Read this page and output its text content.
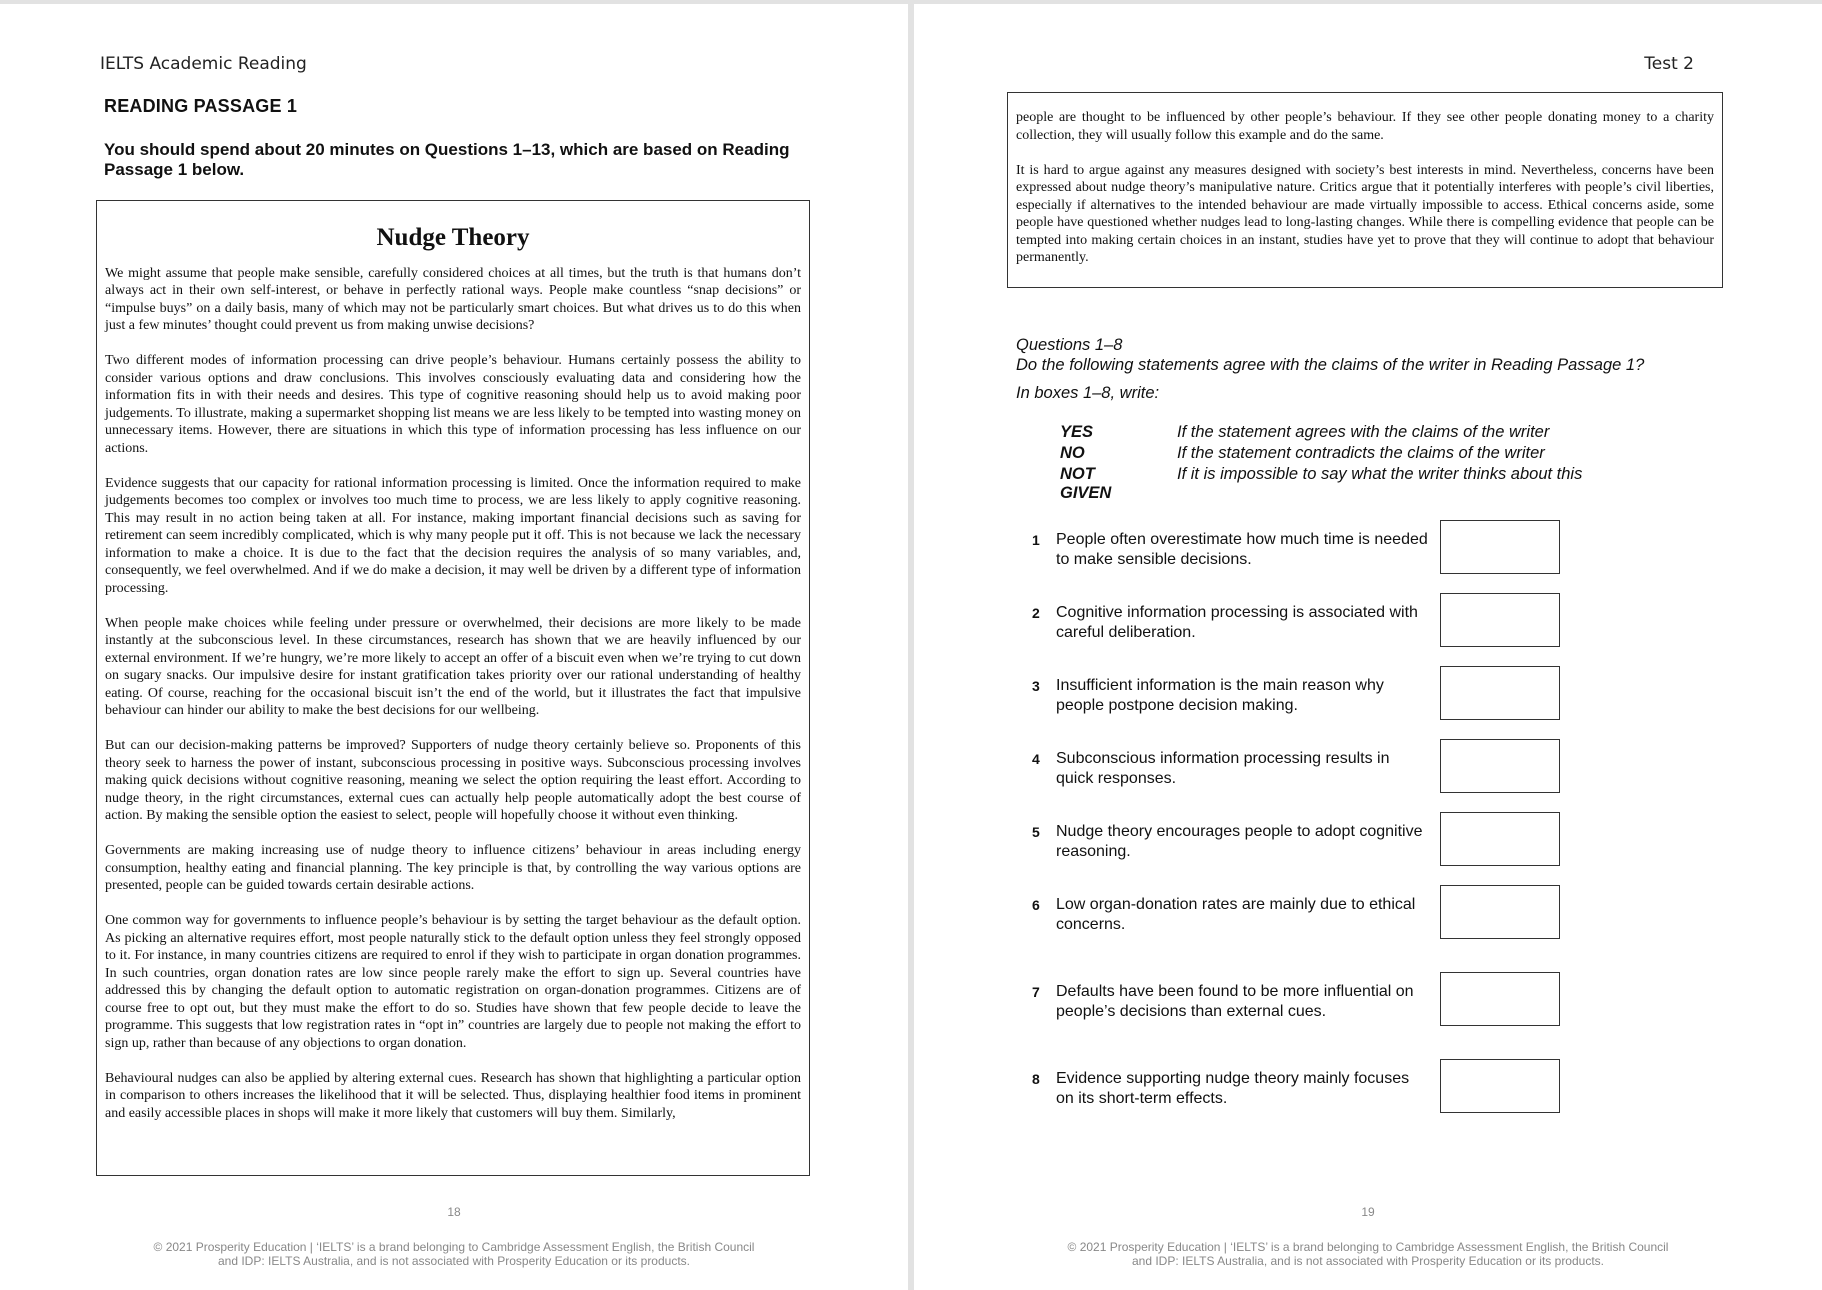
IELTS Academic Reading
READING PASSAGE 1
You should spend about 20 minutes on Questions 1–13, which are based on Reading Passage 1 below.
Nudge Theory

We might assume that people make sensible, carefully considered choices at all times, but the truth is that humans don’t always act in their own self-interest, or behave in perfectly rational ways. People make countless “snap decisions” or “impulse buys” on a daily basis, many of which may not be particularly smart choices. But what drives us to do this when just a few minutes’ thought could prevent us from making unwise decisions?

Two different modes of information processing can drive people’s behaviour. Humans certainly possess the ability to consider various options and draw conclusions. This involves consciously evaluating data and considering how the information fits in with their needs and desires. This type of cognitive reasoning should help us to avoid making poor judgements. To illustrate, making a supermarket shopping list means we are less likely to be tempted into wasting money on unnecessary items. However, there are situations in which this type of information processing has less influence on our actions.

Evidence suggests that our capacity for rational information processing is limited. Once the information required to make judgements becomes too complex or involves too much time to process, we are less likely to apply cognitive reasoning. This may result in no action being taken at all. For instance, making important financial decisions such as saving for retirement can seem incredibly complicated, which is why many people put it off. This is not because we lack the necessary information to make a choice. It is due to the fact that the decision requires the analysis of so many variables, and, consequently, we feel overwhelmed. And if we do make a decision, it may well be driven by a different type of information processing.

When people make choices while feeling under pressure or overwhelmed, their decisions are more likely to be made instantly at the subconscious level. In these circumstances, research has shown that we are heavily influenced by our external environment. If we’re hungry, we’re more likely to accept an offer of a biscuit even when we’re trying to cut down on sugary snacks. Our impulsive desire for instant gratification takes priority over our rational understanding of healthy eating. Of course, reaching for the occasional biscuit isn’t the end of the world, but it illustrates the fact that impulsive behaviour can hinder our ability to make the best decisions for our wellbeing.

But can our decision-making patterns be improved? Supporters of nudge theory certainly believe so. Proponents of this theory seek to harness the power of instant, subconscious processing in positive ways. Subconscious processing involves making quick decisions without cognitive reasoning, meaning we select the option requiring the least effort. According to nudge theory, in the right circumstances, external cues can actually help people automatically adopt the best course of action. By making the sensible option the easiest to select, people will hopefully choose it without even thinking.

Governments are making increasing use of nudge theory to influence citizens’ behaviour in areas including energy consumption, healthy eating and financial planning. The key principle is that, by controlling the way various options are presented, people can be guided towards certain desirable actions.

One common way for governments to influence people’s behaviour is by setting the target behaviour as the default option. As picking an alternative requires effort, most people naturally stick to the default option unless they feel strongly opposed to it. For instance, in many countries citizens are required to enrol if they wish to participate in organ donation programmes. In such countries, organ donation rates are low since people rarely make the effort to sign up. Several countries have addressed this by changing the default option to automatic registration on organ-donation programmes. Citizens are of course free to opt out, but they must make the effort to do so. Studies have shown that few people decide to leave the programme. This suggests that low registration rates in “opt in” countries are largely due to people not making the effort to sign up, rather than because of any objections to organ donation.

Behavioural nudges can also be applied by altering external cues. Research has shown that highlighting a particular option in comparison to others increases the likelihood that it will be selected. Thus, displaying healthier food items in prominent and easily accessible places in shops will make it more likely that customers will buy them. Similarly,

18
© 2021 Prosperity Education | ‘IELTS’ is a brand belonging to Cambridge Assessment English, the British Council
and IDP: IELTS Australia, and is not associated with Prosperity Education or its products.
Test 2

people are thought to be influenced by other people’s behaviour. If they see other people donating money to a charity collection, they will usually follow this example and do the same.

It is hard to argue against any measures designed with society’s best interests in mind. Nevertheless, concerns have been expressed about nudge theory’s manipulative nature. Critics argue that it potentially interferes with people’s civil liberties, especially if alternatives to the intended behaviour are made virtually impossible to access. Ethical concerns aside, some people have questioned whether nudges lead to long-lasting changes. While there is compelling evidence that people can be tempted into making certain choices in an instant, studies have yet to prove that they will continue to adopt that behaviour permanently.

Questions 1–8
Do the following statements agree with the claims of the writer in Reading Passage 1?
In boxes 1–8, write:
YES	If the statement agrees with the claims of the writer
NO	If the statement contradicts the claims of the writer
NOT GIVEN
If it is impossible to say what the writer thinks about this
1 People often overestimate how much time is needed to make sensible decisions.
2 Cognitive information processing is associated with careful deliberation.
3 Insufficient information is the main reason why people postpone decision making.
4 Subconscious information processing results in quick responses.
5 Nudge theory encourages people to adopt cognitive reasoning.
6 Low organ-donation rates are mainly due to ethical concerns.
7 Defaults have been found to be more influential on people’s decisions than external cues.
8 Evidence supporting nudge theory mainly focuses on its short-term effects.
19
© 2021 Prosperity Education | ‘IELTS’ is a brand belonging to Cambridge Assessment English, the British Council
and IDP: IELTS Australia, and is not associated with Prosperity Education or its products.
